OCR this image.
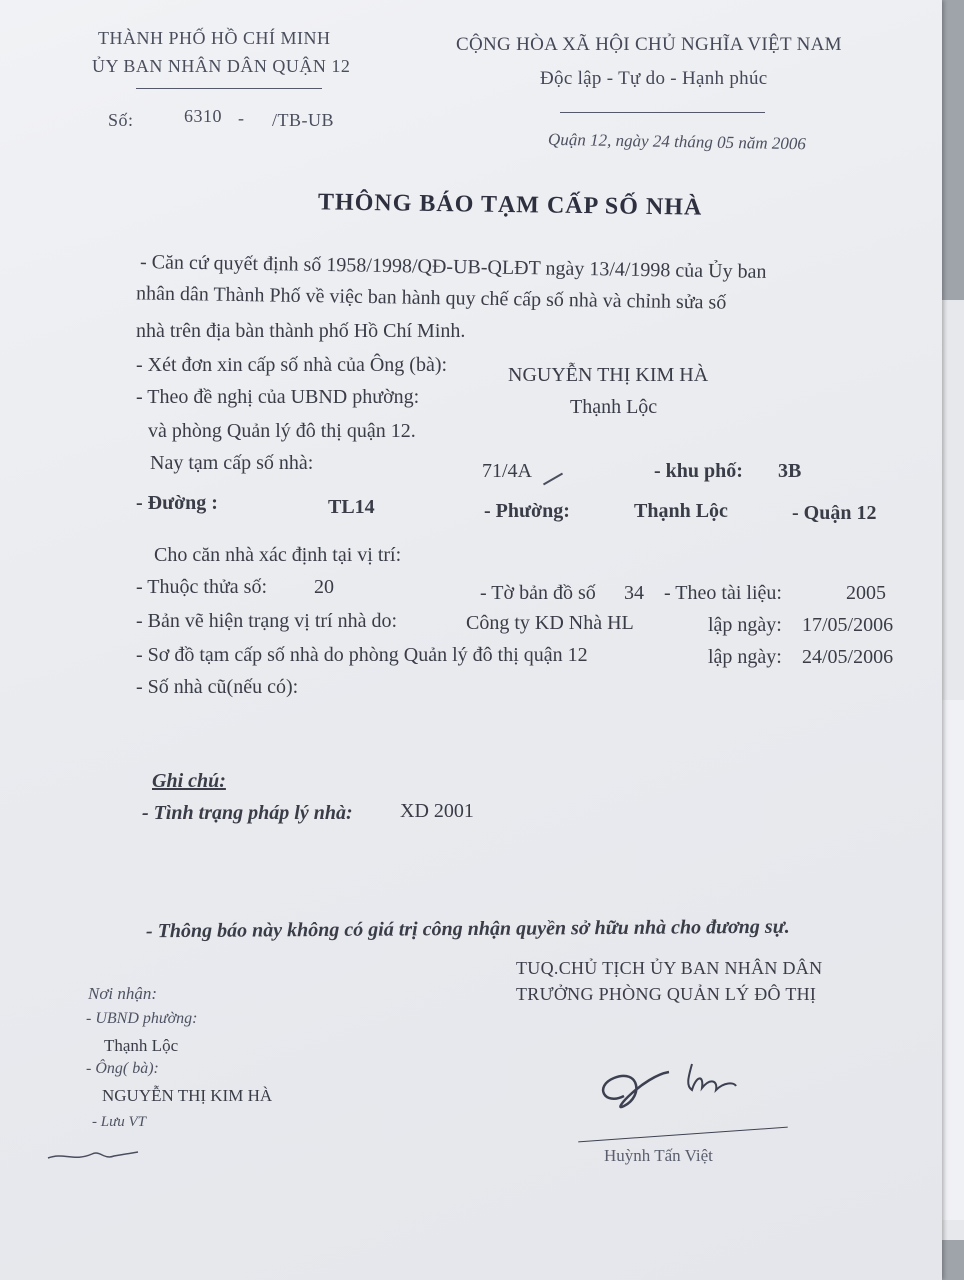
THÀNH PHỐ HỒ CHÍ MINH
ỦY BAN NHÂN DÂN QUẬN 12
Số:	6310 - /TB-UB
CỘNG HÒA XÃ HỘI CHỦ NGHĨA VIỆT NAM
Độc lập - Tự do - Hạnh phúc
Quận 12, ngày 24 tháng 05 năm 2006
THÔNG BÁO TẠM CẤP SỐ NHÀ
- Căn cứ quyết định số 1958/1998/QĐ-UB-QLĐT ngày 13/4/1998 của Ủy ban
nhân dân Thành Phố về việc ban hành quy chế cấp số nhà và chỉnh sửa số
nhà trên địa bàn thành phố Hồ Chí Minh.
- Xét đơn xin cấp số nhà của Ông (bà):	NGUYỄN THỊ KIM HÀ
- Theo đề nghị của UBND phường:	Thạnh Lộc
và phòng Quản lý đô thị quận 12.
Nay tạm cấp số nhà:	71/4A	- khu phố: 3B
- Đường :	TL14	- Phường:	Thạnh Lộc	- Quận 12
Cho căn nhà xác định tại vị trí:
- Thuộc thửa số: 20	- Tờ bản đồ số 34 - Theo tài liệu:	2005
- Bản vẽ hiện trạng vị trí nhà do:	Công ty KD Nhà HL	lập ngày: 17/05/2006
- Sơ đồ tạm cấp số nhà do phòng Quản lý đô thị quận 12	lập ngày: 24/05/2006
- Số nhà cũ(nếu có):
Ghi chú:
- Tình trạng pháp lý nhà: XD 2001
- Thông báo này không có giá trị công nhận quyền sở hữu nhà cho đương sự.
TUQ.CHỦ TỊCH ỦY BAN NHÂN DÂN
TRƯỞNG PHÒNG QUẢN LÝ ĐÔ THỊ
Huỳnh Tấn Việt
Nơi nhận:
- UBND phường:
Thạnh Lộc
- Ông( bà):
NGUYỄN THỊ KIM HÀ
- Lưu VT
